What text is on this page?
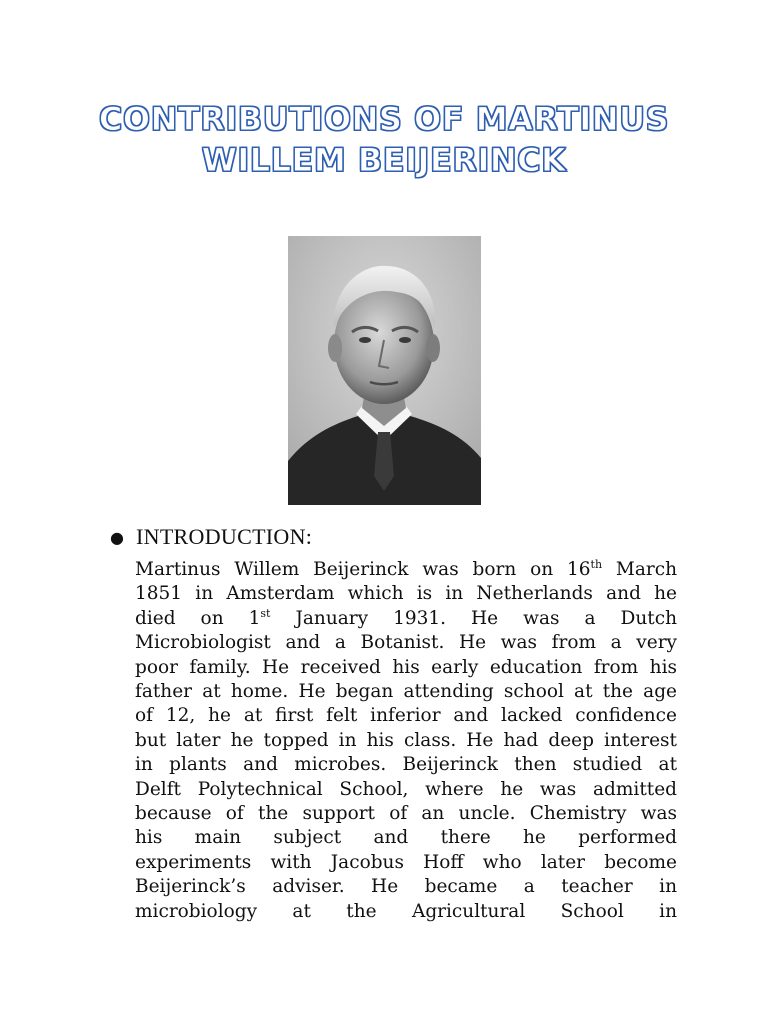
CONTRIBUTIONS OF MARTINUS
WILLEM BEIJERINCK
● INTRODUCTION:
Martinus Willem Beijerinck was born on 16th March
1851 in Amsterdam which is in Netherlands and he
died on 1st January 1931. He was a Dutch
Microbiologist and a Botanist. He was from a very
poor family. He received his early education from his
father at home. He began attending school at the age
of 12, he at first felt inferior and lacked confidence
but later he topped in his class. He had deep interest
in plants and microbes. Beijerinck then studied at
Delft Polytechnical School, where he was admitted
because of the support of an uncle. Chemistry was
his main subject and there he performed
experiments with Jacobus Hoff who later become
Beijerinck’s adviser. He became a teacher in
microbiology at the Agricultural School in
